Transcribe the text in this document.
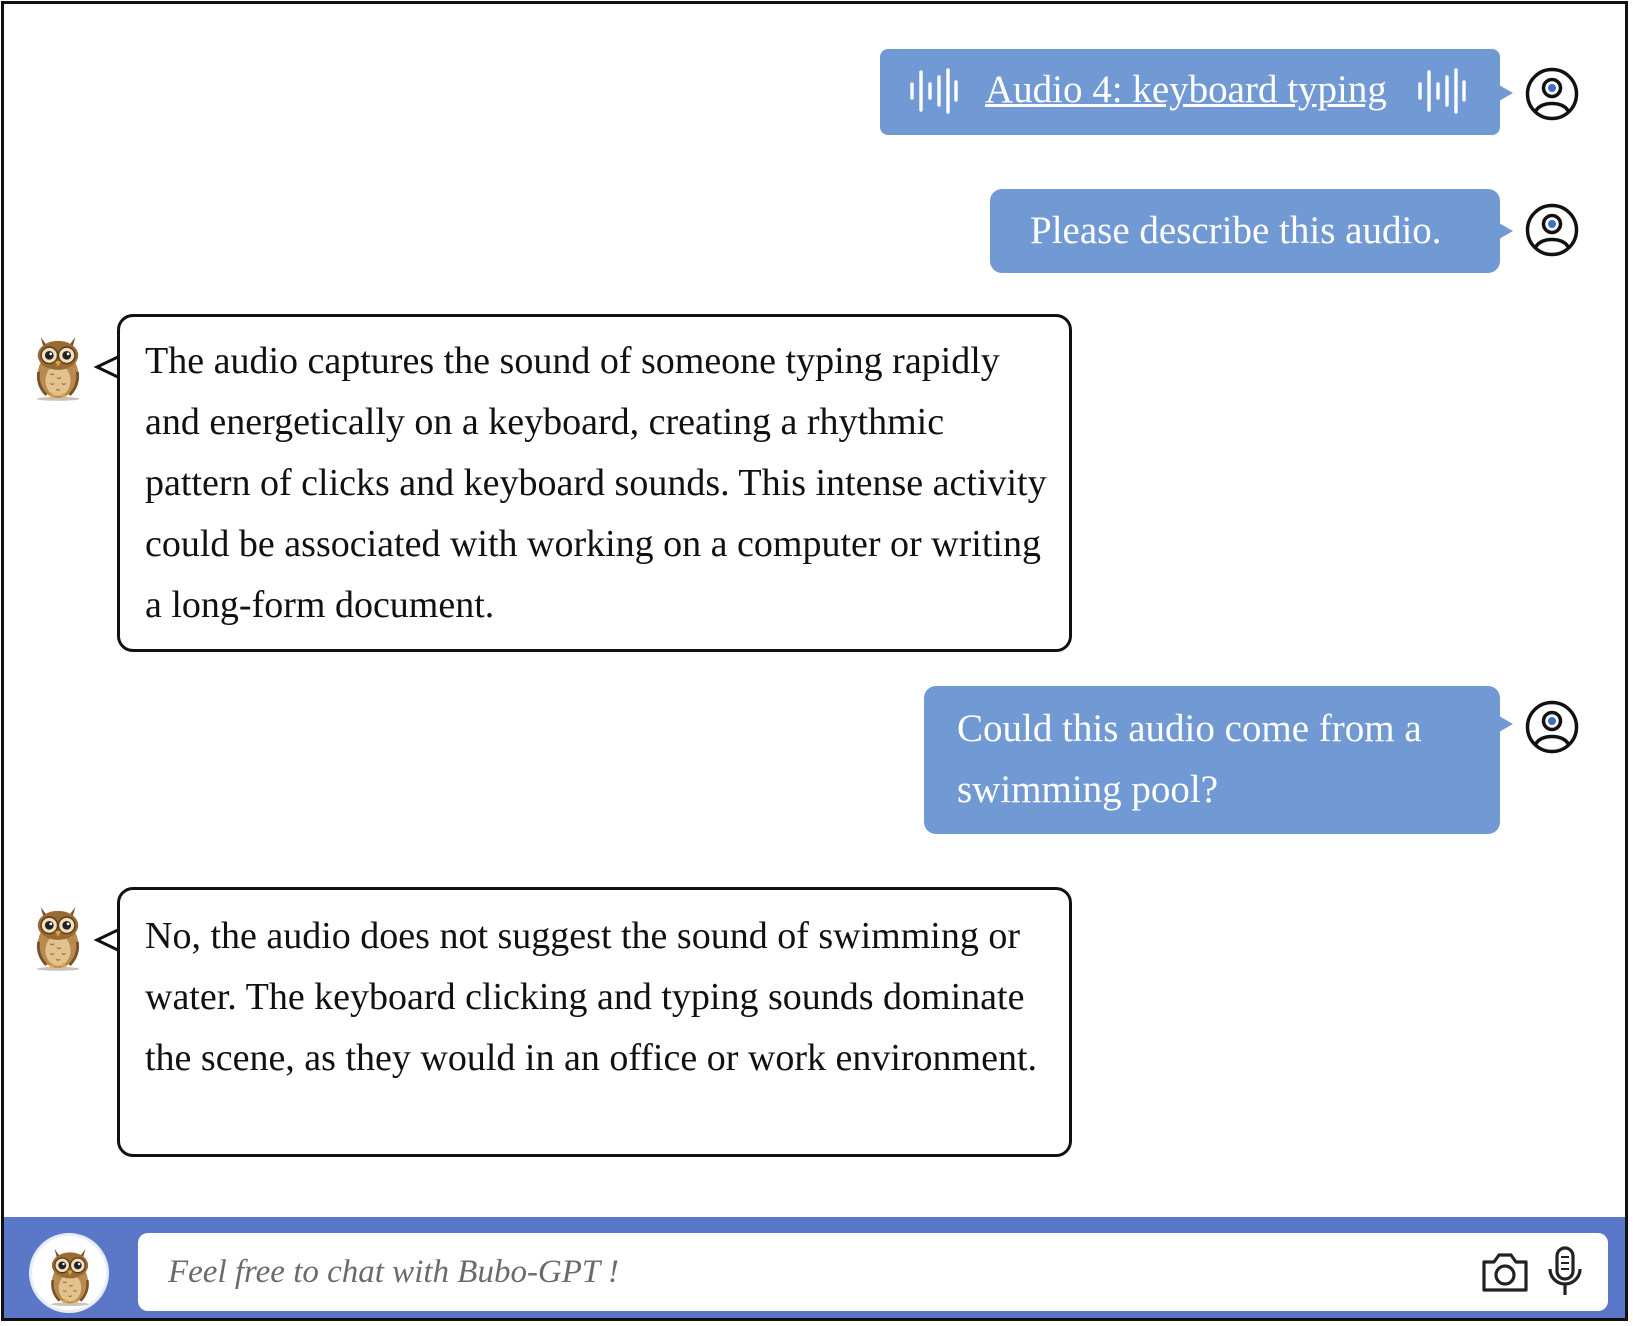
Audio 4: keyboard typing
Please describe this audio.
The audio captures the sound of someone typing rapidly and energetically on a keyboard, creating a rhythmic pattern of clicks and keyboard sounds. This intense activity could be associated with working on a computer or writing a long-form document.
Could this audio come from a swimming pool?
No, the audio does not suggest the sound of swimming or water. The keyboard clicking and typing sounds dominate the scene, as they would in an office or work environment.
Feel free to chat with Bubo-GPT !
